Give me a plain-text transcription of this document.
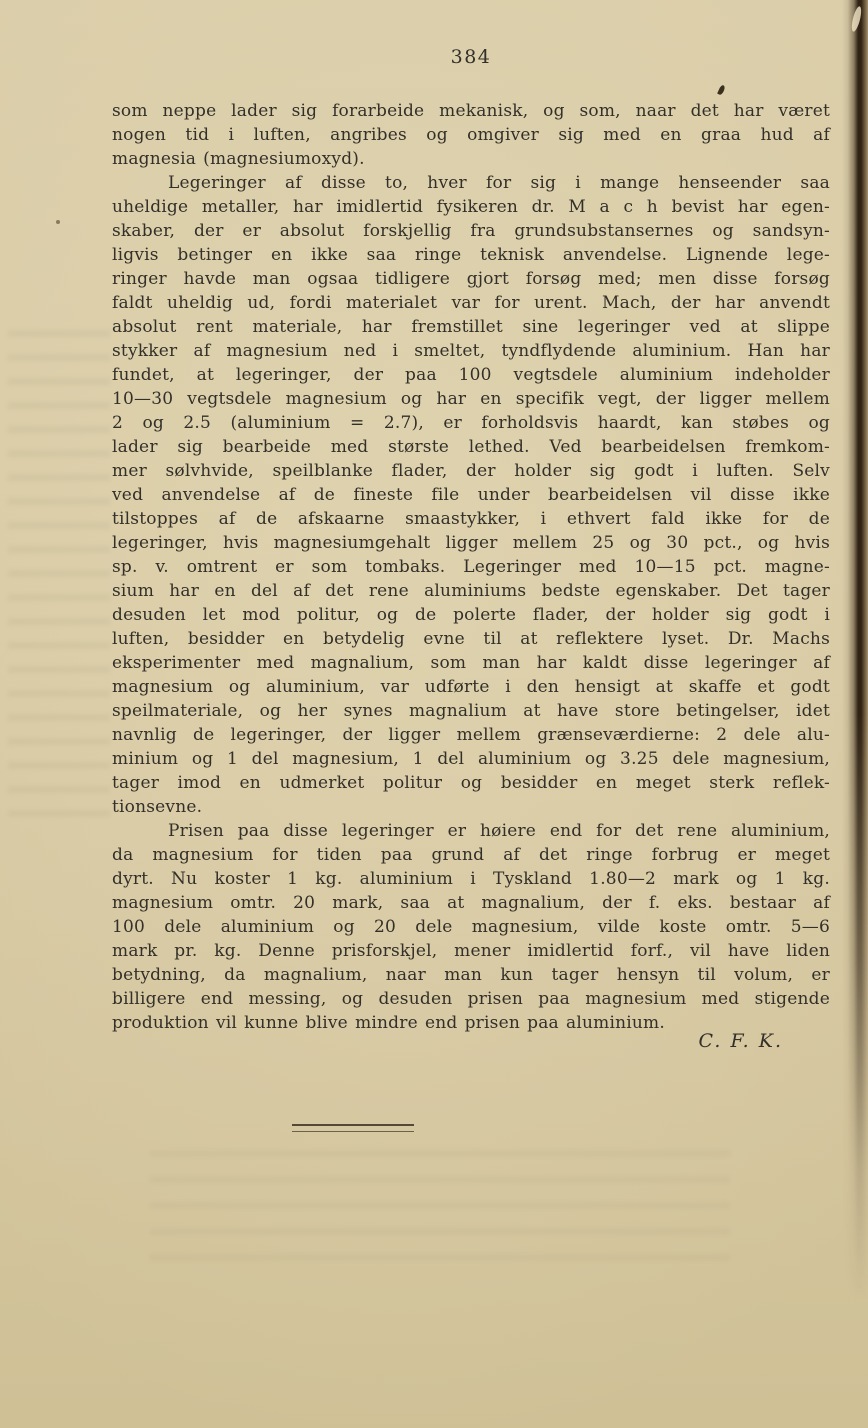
384
som neppe lader sig forarbeide mekanisk, og som, naar det har været
nogen tid i luften, angribes og omgiver sig med en graa hud af
magnesia (magnesiumoxyd).
Legeringer af disse to, hver for sig i mange henseender saa
uheldige metaller, har imidlertid fysikeren dr. M a c h bevist har egen-
skaber, der er absolut forskjellig fra grundsubstansernes og sandsyn-
ligvis betinger en ikke saa ringe teknisk anvendelse. Lignende lege-
ringer havde man ogsaa tidligere gjort forsøg med; men disse forsøg
faldt uheldig ud, fordi materialet var for urent. Mach, der har anvendt
absolut rent materiale, har fremstillet sine legeringer ved at slippe
stykker af magnesium ned i smeltet, tyndflydende aluminium. Han har
fundet, at legeringer, der paa 100 vegtsdele aluminium indeholder
10—30 vegtsdele magnesium og har en specifik vegt, der ligger mellem
2 og 2.5 (aluminium = 2.7), er forholdsvis haardt, kan støbes og
lader sig bearbeide med største lethed. Ved bearbeidelsen fremkom-
mer sølvhvide, speilblanke flader, der holder sig godt i luften. Selv
ved anvendelse af de fineste file under bearbeidelsen vil disse ikke
tilstoppes af de afskaarne smaastykker, i ethvert fald ikke for de
legeringer, hvis magnesiumgehalt ligger mellem 25 og 30 pct., og hvis
sp. v. omtrent er som tombaks. Legeringer med 10—15 pct. magne-
sium har en del af det rene aluminiums bedste egenskaber. Det tager
desuden let mod politur, og de polerte flader, der holder sig godt i
luften, besidder en betydelig evne til at reflektere lyset. Dr. Machs
eksperimenter med magnalium, som man har kaldt disse legeringer af
magnesium og aluminium, var udførte i den hensigt at skaffe et godt
speilmateriale, og her synes magnalium at have store betingelser, idet
navnlig de legeringer, der ligger mellem grænseværdierne: 2 dele alu-
minium og 1 del magnesium, 1 del aluminium og 3.25 dele magnesium,
tager imod en udmerket politur og besidder en meget sterk reflek-
tionsevne.
Prisen paa disse legeringer er høiere end for det rene aluminium,
da magnesium for tiden paa grund af det ringe forbrug er meget
dyrt. Nu koster 1 kg. aluminium i Tyskland 1.80—2 mark og 1 kg.
magnesium omtr. 20 mark, saa at magnalium, der f. eks. bestaar af
100 dele aluminium og 20 dele magnesium, vilde koste omtr. 5—6
mark pr. kg. Denne prisforskjel, mener imidlertid forf., vil have liden
betydning, da magnalium, naar man kun tager hensyn til volum, er
billigere end messing, og desuden prisen paa magnesium med stigende
produktion vil kunne blive mindre end prisen paa aluminium.
C. F. K.
